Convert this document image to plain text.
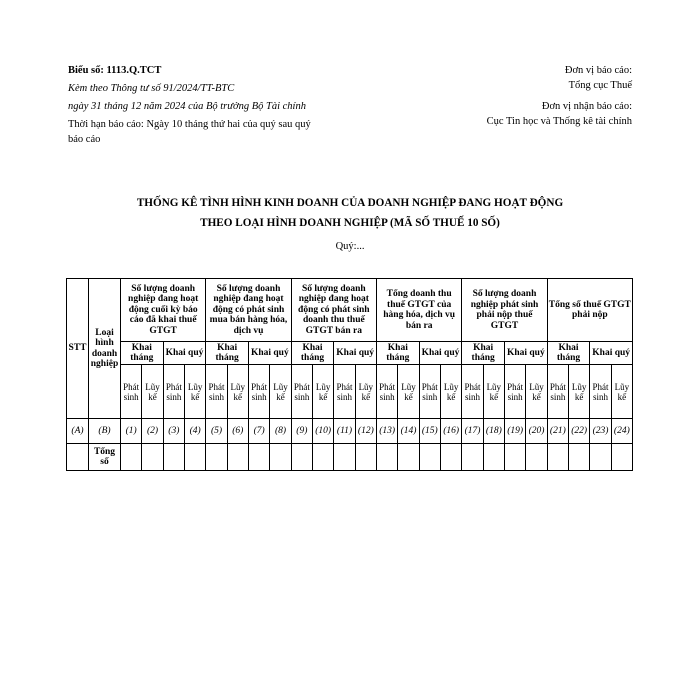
Biểu số: 1113.Q.TCT
Kèm theo Thông tư số 91/2024/TT-BTC
ngày 31 tháng 12 năm 2024 của Bộ trưởng Bộ Tài chính
Thời hạn báo cáo: Ngày 10 tháng thứ hai của quý sau quý báo cáo
Đơn vị báo cáo:
Tổng cục Thuế
Đơn vị nhận báo cáo:
Cục Tin học và Thống kê tài chính
THỐNG KÊ TÌNH HÌNH KINH DOANH CỦA DOANH NGHIỆP ĐANG HOẠT ĐỘNG
THEO LOẠI HÌNH DOANH NGHIỆP (MÃ SỐ THUẾ 10 SỐ)
Quý:...
STT	Loại hình doanh nghiệp	Số lượng doanh nghiệp đang hoạt động cuối kỳ báo cáo đã khai thuế GTGT				Số lượng doanh nghiệp đang hoạt động có phát sinh mua bán hàng hóa, dịch vụ				Số lượng doanh nghiệp đang hoạt động có phát sinh doanh thu thuế GTGT bán ra				Tổng doanh thu thuế GTGT của hàng hóa, dịch vụ bán ra				Số lượng doanh nghiệp phát sinh phải nộp thuế GTGT				Tổng số thuế GTGT phải nộp			
		Khai tháng		Khai quý		Khai tháng		Khai quý		Khai tháng		Khai quý		Khai tháng		Khai quý		Khai tháng		Khai quý		Khai tháng		Khai quý	
		Phát sinh	Lũy kế	Phát sinh	Lũy kế	Phát sinh	Lũy kế	Phát sinh	Lũy kế	Phát sinh	Lũy kế	Phát sinh	Lũy kế	Phát sinh	Lũy kế	Phát sinh	Lũy kế	Phát sinh	Lũy kế	Phát sinh	Lũy kế	Phát sinh	Lũy kế	Phát sinh	Lũy kế
(A)	(B)	(1)	(2)	(3)	(4)	(5)	(6)	(7)	(8)	(9)	(10)	(11)	(12)	(13)	(14)	(15)	(16)	(17)	(18)	(19)	(20)	(21)	(22)	(23)	(24)
	Tổng số																								
